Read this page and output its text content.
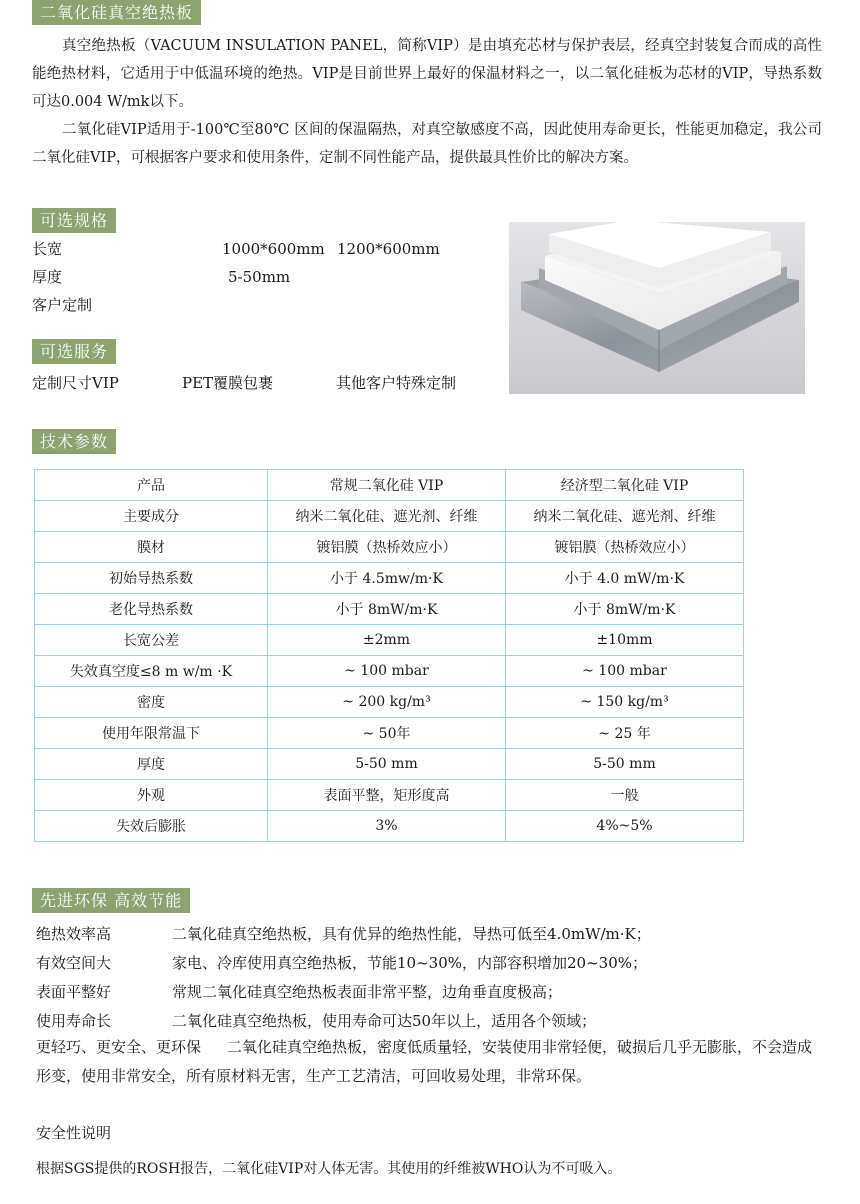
二氧化硅真空绝热板
真空绝热板（VACUUM INSULATION PANEL，简称VIP）是由填充芯材与保护表层，经真空封装复合而成的高性能绝热材料，它适用于中低温环境的绝热。VIP是目前世界上最好的保温材料之一，以二氧化硅板为芯材的VIP，导热系数可达0.004 W/mk以下。
二氧化硅VIP适用于-100℃至80℃ 区间的保温隔热，对真空敏感度不高，因此使用寿命更长，性能更加稳定，我公司二氧化硅VIP，可根据客户要求和使用条件，定制不同性能产品，提供最具性价比的解决方案。
可选规格
长宽	1000*600mm 1200*600mm
厚度	5-50mm
客户定制
可选服务
定制尺寸VIP	PET覆膜包裹	其他客户特殊定制
技术参数
产品	常规二氧化硅 VIP	经济型二氧化硅 VIP
主要成分	纳米二氧化硅、遮光剂、纤维	纳米二氧化硅、遮光剂、纤维
膜材	镀铝膜（热桥效应小）	镀铝膜（热桥效应小）
初始导热系数	小于 4.5mw/m·K	小于 4.0 mW/m·K
老化导热系数	小于 8mW/m·K	小于 8mW/m·K
长宽公差	±2mm	±10mm
失效真空度≤8 m w/m ·K	~ 100 mbar	~ 100 mbar
密度	~ 200 kg/m³	~ 150 kg/m³
使用年限常温下	~ 50年	~ 25 年
厚度	5-50 mm	5-50 mm
外观	表面平整，矩形度高	一般
失效后膨胀	3%	4%~5%
先进环保 高效节能
绝热效率高	二氧化硅真空绝热板，具有优异的绝热性能，导热可低至4.0mW/m·K；
有效空间大	家电、冷库使用真空绝热板，节能10~30%，内部容积增加20~30%；
表面平整好	常规二氧化硅真空绝热板表面非常平整，边角垂直度极高；
使用寿命长	二氧化硅真空绝热板，使用寿命可达50年以上，适用各个领域；
更轻巧、更安全、更环保 二氧化硅真空绝热板，密度低质量轻，安装使用非常轻便，破损后几乎无膨胀，不会造成形变，使用非常安全，所有原材料无害，生产工艺清洁，可回收易处理，非常环保。
安全性说明
根据SGS提供的ROSH报告，二氧化硅VIP对人体无害。其使用的纤维被WHO认为不可吸入。
